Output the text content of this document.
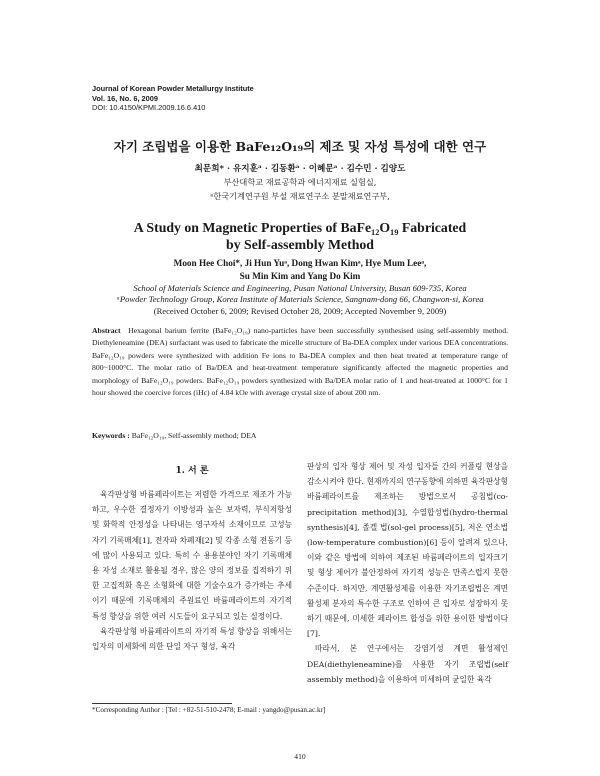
Journal of Korean Powder Metallurgy Institute
Vol. 16, No. 6, 2009
DOI: 10.4150/KPMI.2009.16.6.410
자기 조립법을 이용한 BaFe₁₂O₁₉의 제조 및 자성 특성에 대한 연구
최문희* · 유지훈ᵃ · 김동환ᵃ · 이혜문ᵃ · 김수민 · 김양도
부산대학교 재료공학과 에너지재료 실험실,
ᵃ한국기계연구원 부설 재료연구소 분말재료연구부,
A Study on Magnetic Properties of BaFe₁₂O₁₉ Fabricated
by Self-assembly Method
Moon Hee Choi*, Ji Hun Yuᵃ, Dong Hwan Kimᵃ, Hye Mum Leeᵃ,
Su Min Kim and Yang Do Kim
School of Materials Science and Engineering, Pusan National University, Busan 609-735, Korea
ᵃPowder Technology Group, Korea Institute of Materials Science, Sangnam-dong 66, Changwon-si, Korea
(Received October 6, 2009; Revised October 28, 2009; Accepted November 9, 2009)
Abstract Hexagonal barium ferrite (BaFe₁₂O₁₉) nano-particles have been successfully synthesised using self-assembly method. Diethyleneamine (DEA) surfactant was used to fabricate the micelle structure of Ba-DEA complex under various DEA concentrations. BaFe₁₂O₁₉ powders were synthesized with addition Fe ions to Ba-DEA complex and then heat treated at temperature range of 800~1000°C. The molar ratio of Ba/DEA and heat-treatment temperature significantly affected the magnetic properties and morphology of BaFe₁₂O₁₉ powders. BaFe₁₂O₁₉ powders synthesized with Ba/DEA molar ratio of 1 and heat-treated at 1000°C for 1 hour showed the coercive forces (iHc) of 4.84 kOe with average crystal size of about 200 nm.
Keywords : BaFe₁₂O₁₉, Self-assembly method; DEA
1. 서 론

육각판상형 바륨페라이트는 저렴한 가격으로 제조가 가능하고, 우수한 결정자기 이방성과 높은 보자력, 부식저항성 및 화학적 안정성을 나타내는 영구자석 소재이므로 고성능 자기 기록매체[1], 전자파 차폐재[2] 및 각종 소형 전동기 등에 많이 사용되고 있다. 특히 수 용용분야인 자기 기록매체용 자성 소재로 활용될 경우, 많은 양의 정보를 집적하기 위한 고집적화 혹은 소형화에 대한 기술수요가 증가하는 추세이기 때문에 기록매체의 주원료인 바륨페라이트의 자기적 특성 향상을 위한 여러 시도들이 요구되고 있는 실정이다.

육각판상형 바륨페라이트의 자기적 특성 향상을 위해서는 입자의 미세화에 의한 단일 자구 형성, 육각

판상의 입자 형상 제어 및 자성 입자들 간의 커플링 현상을 감소시켜야 한다. 현재까지의 연구동향에 의하면 육각판상형 바륨페라이트를 제조하는 방법으로서 공침법(co-precipitation method)[3], 수열합성법(hydro-thermal synthesis)[4], 졸겔 법(sol-gel process)[5], 저온 연소법(low-temperature combustion)[6] 등이 알려져 있으나, 이와 같은 방법에 의하여 제조된 바륨페라이트의 입자크기 및 형상 제어가 불안정하여 자기적 성능은 만족스럽지 못한 수준이다. 하지만, 계면활성제를 이용한 자기조립법은 계면활성제 분자의 특수한 구조로 인하여 큰 입자로 성장하지 못하기 때문에, 미세한 페라이트 합성을 위한 용이한 방법이다[7].

따라서, 본 연구에서는 강염기성 계면 활성제인 DEA(diethyleneamine)를 사용한 자기 조립법(self assembly method)을 이용하여 미세하며 균일한 육각

*Corresponding Author : [Tel : +82-51-510-2478; E-mail : yangdo@pusan.ac.kr]
410
